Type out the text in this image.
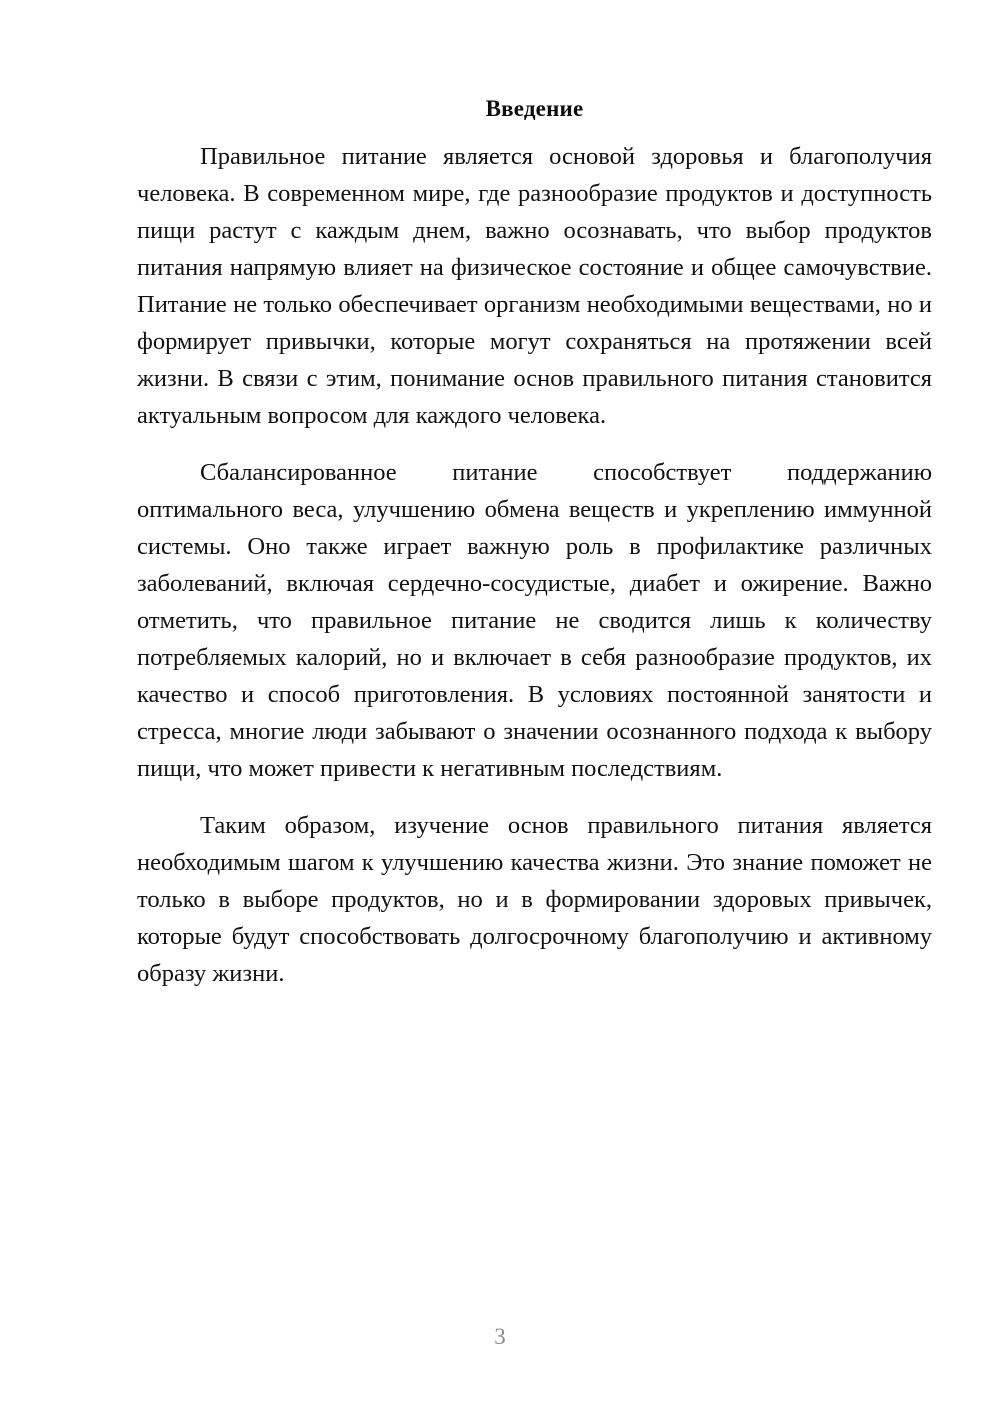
Введение

Правильное питание является основой здоровья и благополучия человека. В современном мире, где разнообразие продуктов и доступность пищи растут с каждым днем, важно осознавать, что выбор продуктов питания напрямую влияет на физическое состояние и общее самочувствие. Питание не только обеспечивает организм необходимыми веществами, но и формирует привычки, которые могут сохраняться на протяжении всей жизни. В связи с этим, понимание основ правильного питания становится актуальным вопросом для каждого человека.

Сбалансированное питание способствует поддержанию оптимального веса, улучшению обмена веществ и укреплению иммунной системы. Оно также играет важную роль в профилактике различных заболеваний, включая сердечно-сосудистые, диабет и ожирение. Важно отметить, что правильное питание не сводится лишь к количеству потребляемых калорий, но и включает в себя разнообразие продуктов, их качество и способ приготовления. В условиях постоянной занятости и стресса, многие люди забывают о значении осознанного подхода к выбору пищи, что может привести к негативным последствиям.

Таким образом, изучение основ правильного питания является необходимым шагом к улучшению качества жизни. Это знание поможет не только в выборе продуктов, но и в формировании здоровых привычек, которые будут способствовать долгосрочному благополучию и активному образу жизни.

3
